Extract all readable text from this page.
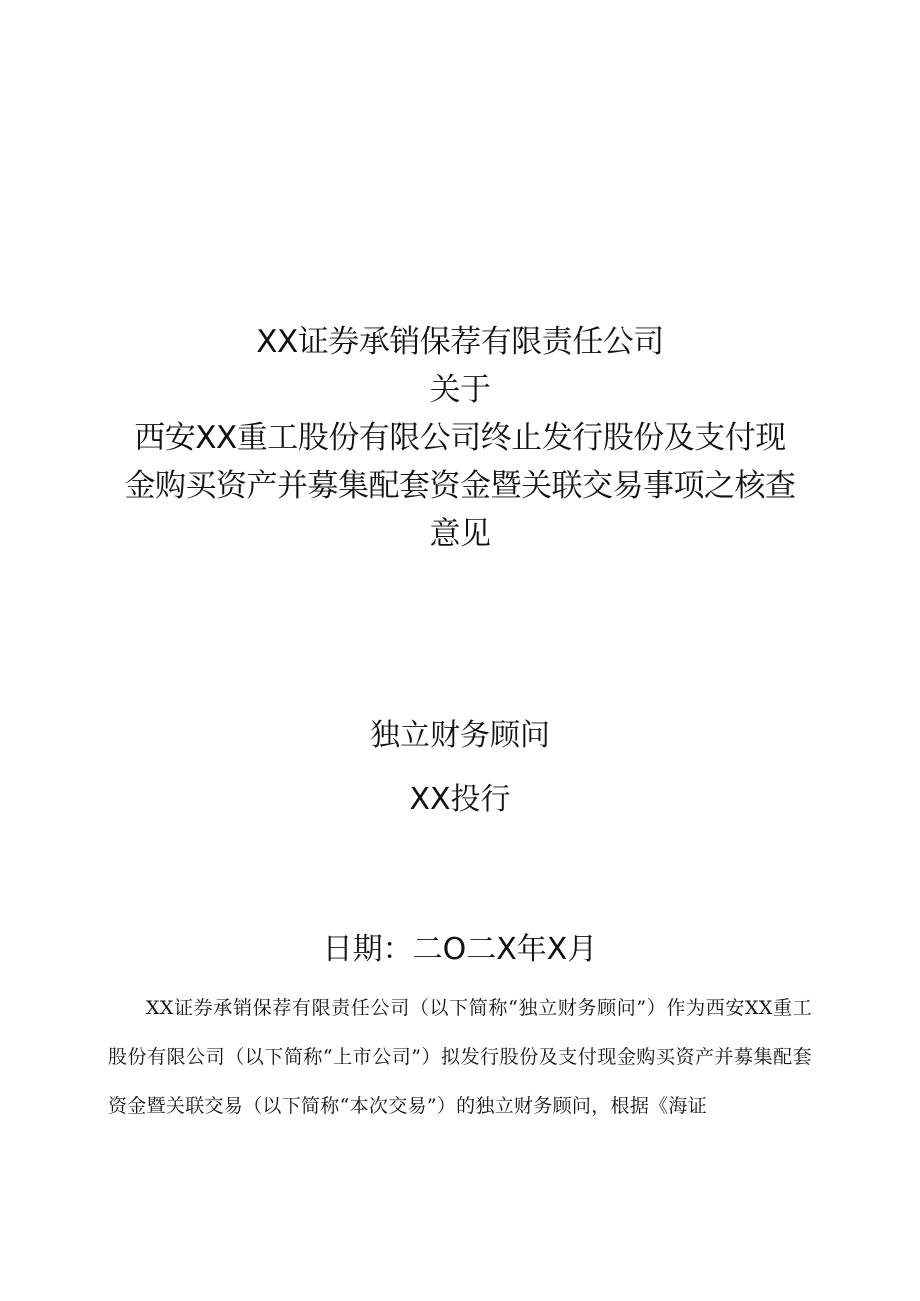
XX证券承销保荐有限责任公司
关于
西安XX重工股份有限公司终止发行股份及支付现
金购买资产并募集配套资金暨关联交易事项之核查
意见
独立财务顾问
XX投行
日期：二O二X年X月

XX证券承销保荐有限责任公司（以下简称“独立财务顾问”）作为西安XX重工股份有限公司（以下简称“上市公司”）拟发行股份及支付现金购买资产并募集配套资金暨关联交易（以下简称“本次交易”）的独立财务顾问，根据《海证
